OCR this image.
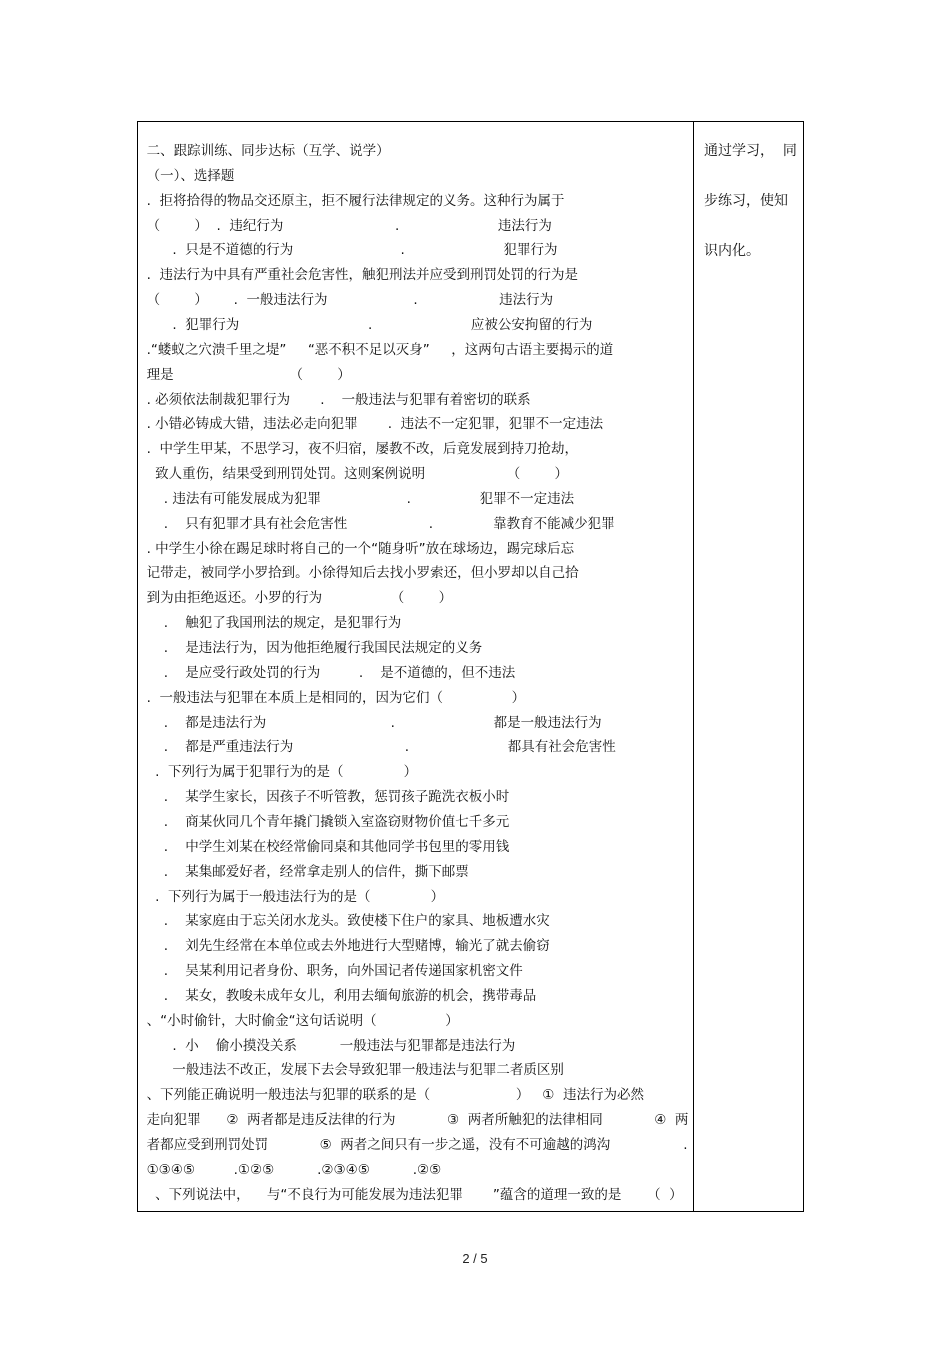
二、跟踪训练、同步达标（互学、说学）
（一）、选择题
.  拒将拾得的物品交还原主，拒不履行法律规定的义务。这种行为属于
（        ）  .  违纪行为                          .                       违法行为
.  只是不道德的行为                         .                       犯罪行为
.  违法行为中具有严重社会危害性，触犯刑法并应受到刑罚处罚的行为是
（        ）      .  一般违法行为                    .                   违法行为
.  犯罪行为                              .                       应被公安拘留的行为
.“蝼蚁之穴溃千里之堤”     “恶不积不足以灭身”     ，这两句古语主要揭示的道
理是                           （        ）
. 必须依法制裁犯罪行为       .    一般违法与犯罪有着密切的联系
. 小错必铸成大错，违法必走向犯罪       .  违法不一定犯罪，犯罪不一定违法
.  中学生甲某，不思学习，夜不归宿，屡教不改，后竟发展到持刀抢劫，
致人重伤，结果受到刑罚处罚。这则案例说明                   （        ）
. 违法有可能发展成为犯罪                    .                犯罪不一定违法
.    只有犯罪才具有社会危害性                   .              靠教育不能减少犯罪
. 中学生小徐在踢足球时将自己的一个“随身听”放在球场边，踢完球后忘
记带走，被同学小罗拾到。小徐得知后去找小罗索还，但小罗却以自己拾
到为由拒绝返还。小罗的行为                （        ）
.    触犯了我国刑法的规定，是犯罪行为
.    是违法行为，因为他拒绝履行我国民法规定的义务
.    是应受行政处罚的行为         .    是不道德的，但不违法
.  一般违法与犯罪在本质上是相同的，因为它们（                ）
.    都是违法行为                             .                       都是一般违法行为
.    都是严重违法行为                          .                       都具有社会危害性
.  下列行为属于犯罪行为的是（              ）
.    某学生家长，因孩子不听管教，惩罚孩子跪洗衣板小时
.    商某伙同几个青年撬门撬锁入室盗窃财物价值七千多元
.    中学生刘某在校经常偷同桌和其他同学书包里的零用钱
.    某集邮爱好者，经常拿走别人的信件，撕下邮票
.  下列行为属于一般违法行为的是（              ）
.    某家庭由于忘关闭水龙头。致使楼下住户的家具、地板遭水灾
.    刘先生经常在本单位或去外地进行大型赌博，输光了就去偷窃
.    吴某利用记者身份、职务，向外国记者传递国家机密文件
.    某女，教唆未成年女儿，利用去缅甸旅游的机会，携带毒品
、“小时偷针，大时偷金“这句话说明（                ）
.  小    偷小摸没关系          一般违法与犯罪都是违法行为
一般违法不改正，发展下去会导致犯罪一般违法与犯罪二者质区别
、下列能正确说明一般违法与犯罪的联系的是（                    ）   ①  违法行为必然
走向犯罪      ②  两者都是违反法律的行为            ③  两者所触犯的法律相同            ④  两
者都应受到刑罚处罚            ⑤  两者之间只有一步之遥，没有不可逾越的鸿沟                 .
①③④⑤         .①②⑤          .②③④⑤          .②⑤
、下列说法中，    与“不良行为可能发展为违法犯罪       ”蕴含的道理一致的是      （  ）
通过学习，  同
步练习，使知
识内化。
2 / 5
